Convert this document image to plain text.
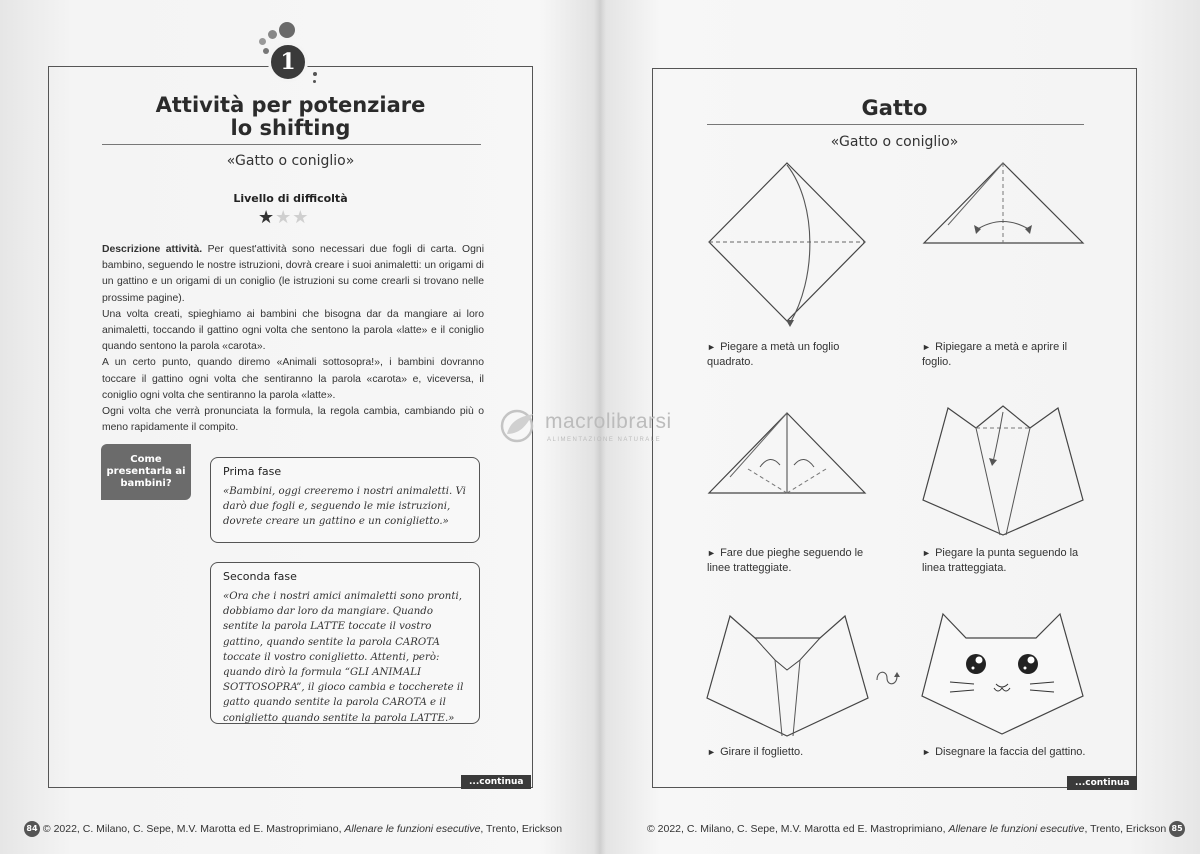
1
Attività per potenziare
lo shifting
«Gatto o coniglio»
Livello di difficoltà
★★★

Descrizione attività. Per quest'attività sono necessari due fogli di carta. Ogni bambino, seguendo le nostre istruzioni, dovrà creare i suoi animaletti: un origami di un gattino e un origami di un coniglio (le istruzioni su come crearli si trovano nelle prossime pagine).

Una volta creati, spieghiamo ai bambini che bisogna dar da mangiare ai loro animaletti, toccando il gattino ogni volta che sentono la parola «latte» e il coniglio quando sentono la parola «carota».

A un certo punto, quando diremo «Animali sottosopra!», i bambini dovranno toccare il gattino ogni volta che sentiranno la parola «carota» e, viceversa, il coniglio ogni volta che sentiranno la parola «latte».

Ogni volta che verrà pronunciata la formula, la regola cambia, cambiando più o meno rapidamente il compito.

Come presentarla ai bambini?
Prima fase

«Bambini, oggi creeremo i nostri animaletti. Vi darò due fogli e, seguendo le mie istruzioni, dovrete creare un gattino e un coniglietto.»

Seconda fase

«Ora che i nostri amici animaletti sono pronti, dobbiamo dar loro da mangiare. Quando sentite la parola LATTE toccate il vostro gattino, quando sentite la parola CAROTA toccate il vostro coniglietto. Attenti, però: quando dirò la formula “GLI ANIMALI SOTTOSOPRA”, il gioco cambia e toccherete il gatto quando sentite la parola CAROTA e il coniglietto quando sentite la parola LATTE.»

...continua
84 © 2022, C. Milano, C. Sepe, M.V. Marotta ed E. Mastroprimiano, Allenare le funzioni esecutive, Trento, Erickson
Gatto
«Gatto o coniglio»
► Piegare a metà un foglio quadrato.
► Ripiegare a metà e aprire il foglio.
► Fare due pieghe seguendo le linee tratteggiate.
► Piegare la punta seguendo la linea tratteggiata.
► Girare il foglietto.	► Disegnare la faccia del gattino.
...continua
© 2022, C. Milano, C. Sepe, M.V. Marotta ed E. Mastroprimiano, Allenare le funzioni esecutive, Trento, Erickson 85
macrolibrarsi
ALIMENTAZIONE NATURALE
